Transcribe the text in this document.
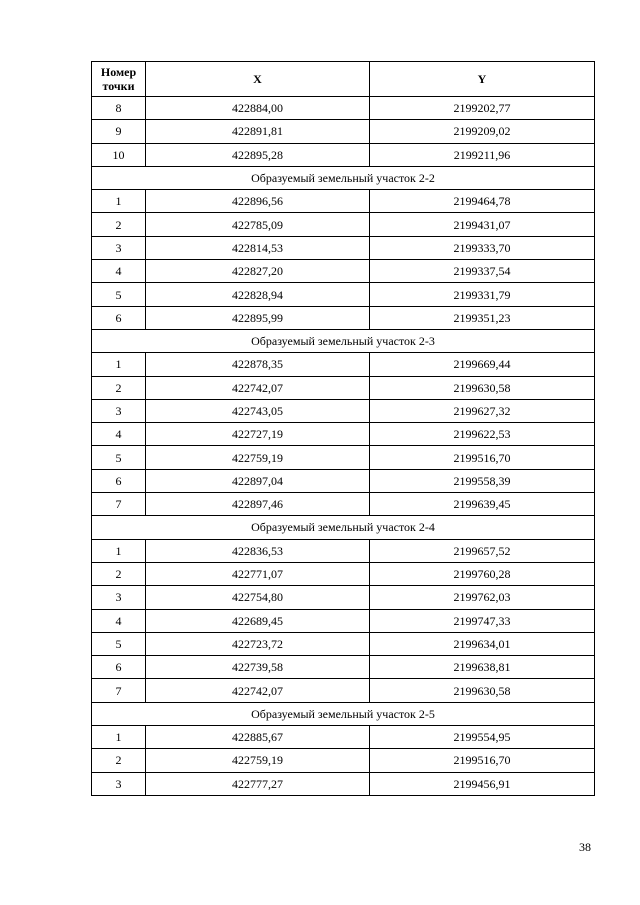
Номер точки	X	Y
8	422884,00	2199202,77
9	422891,81	2199209,02
10	422895,28	2199211,96
Образуемый земельный участок 2-2		
1	422896,56	2199464,78
2	422785,09	2199431,07
3	422814,53	2199333,70
4	422827,20	2199337,54
5	422828,94	2199331,79
6	422895,99	2199351,23
Образуемый земельный участок 2-3		
1	422878,35	2199669,44
2	422742,07	2199630,58
3	422743,05	2199627,32
4	422727,19	2199622,53
5	422759,19	2199516,70
6	422897,04	2199558,39
7	422897,46	2199639,45
Образуемый земельный участок 2-4		
1	422836,53	2199657,52
2	422771,07	2199760,28
3	422754,80	2199762,03
4	422689,45	2199747,33
5	422723,72	2199634,01
6	422739,58	2199638,81
7	422742,07	2199630,58
Образуемый земельный участок 2-5		
1	422885,67	2199554,95
2	422759,19	2199516,70
3	422777,27	2199456,91
38
